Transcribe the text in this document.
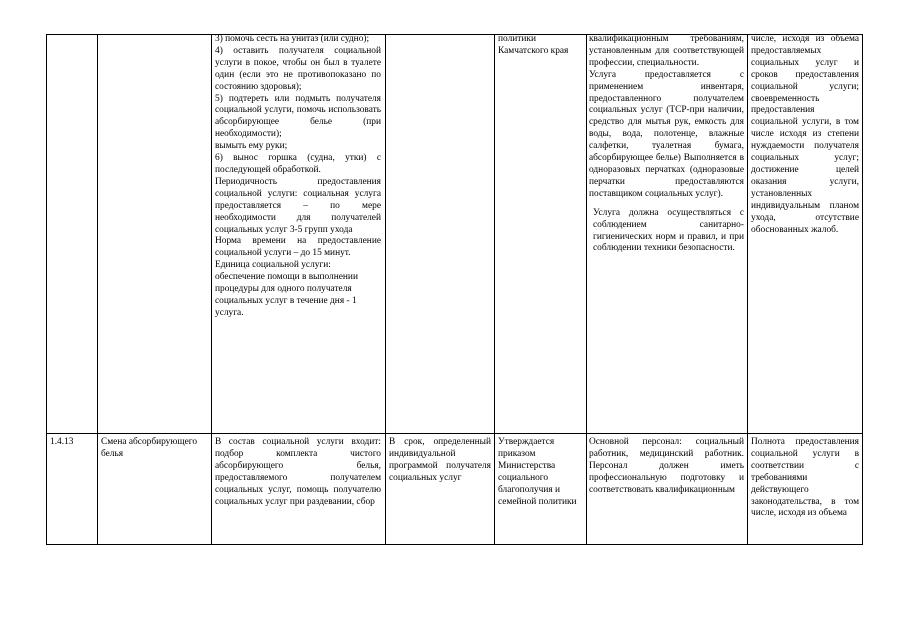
3) помочь сесть на унитаз (или судно);

4) оставить получателя социальной услуги в покое, чтобы он был в туалете один (если это не противопоказано по состоянию здоровья);

5) подтереть или подмыть получателя социальной услуги, помочь использовать абсорбирующее белье (при необходимости);

вымыть ему руки;

6) вынос горшка (судна, утки) с последующей обработкой.

Периодичность предоставления социальной услуги: социальная услуга предоставляется – по мере необходимости для получателей социальных услуг 3-5 групп ухода

Норма времени на предоставление социальной услуги – до 15 минут.

Единица социальной услуги: обеспечение помощи в выполнении процедуры для одного получателя социальных услуг в течение дня - 1 услуга.

политики Камчатского края

квалификационным требованиям, установленным для соответствующей профессии, специальности.

Услуга предоставляется с применением инвентаря, предоставленного получателем социальных услуг (ТСР-при наличии, средство для мытья рук, емкость для воды, вода, полотенце, влажные салфетки, туалетная бумага, абсорбирующее белье) Выполняется в одноразовых перчатках (одноразовые перчатки предоставляются поставщиком социальных услуг).

Услуга должна осуществляться с соблюдением санитарно-гигиенических норм и правил, и при соблюдении техники безопасности.

числе, исходя из объема предоставляемых социальных услуг и сроков предоставления социальной услуги; своевременность предоставления социальной услуги, в том числе исходя из степени нуждаемости получателя социальных услуг; достижение целей оказания услуги, установленных индивидуальным планом ухода, отсутствие обоснованных жалоб.
1.4.13	Смена абсорбирующего белья
В состав социальной услуги входит: подбор комплекта чистого абсорбирующего белья, предоставляемого получателем социальных услуг, помощь получателю социальных услуг при раздевании, сбор
В срок, определенный индивидуальной программой получателя социальных услуг
Утверждается приказом Министерства социального благополучия и семейной политики
Основной персонал: социальный работник, медицинский работник. Персонал должен иметь профессиональную подготовку и соответствовать квалификационным
Полнота предоставления социальной услуги в соответствии с требованиями действующего законодательства, в том числе, исходя из объема
